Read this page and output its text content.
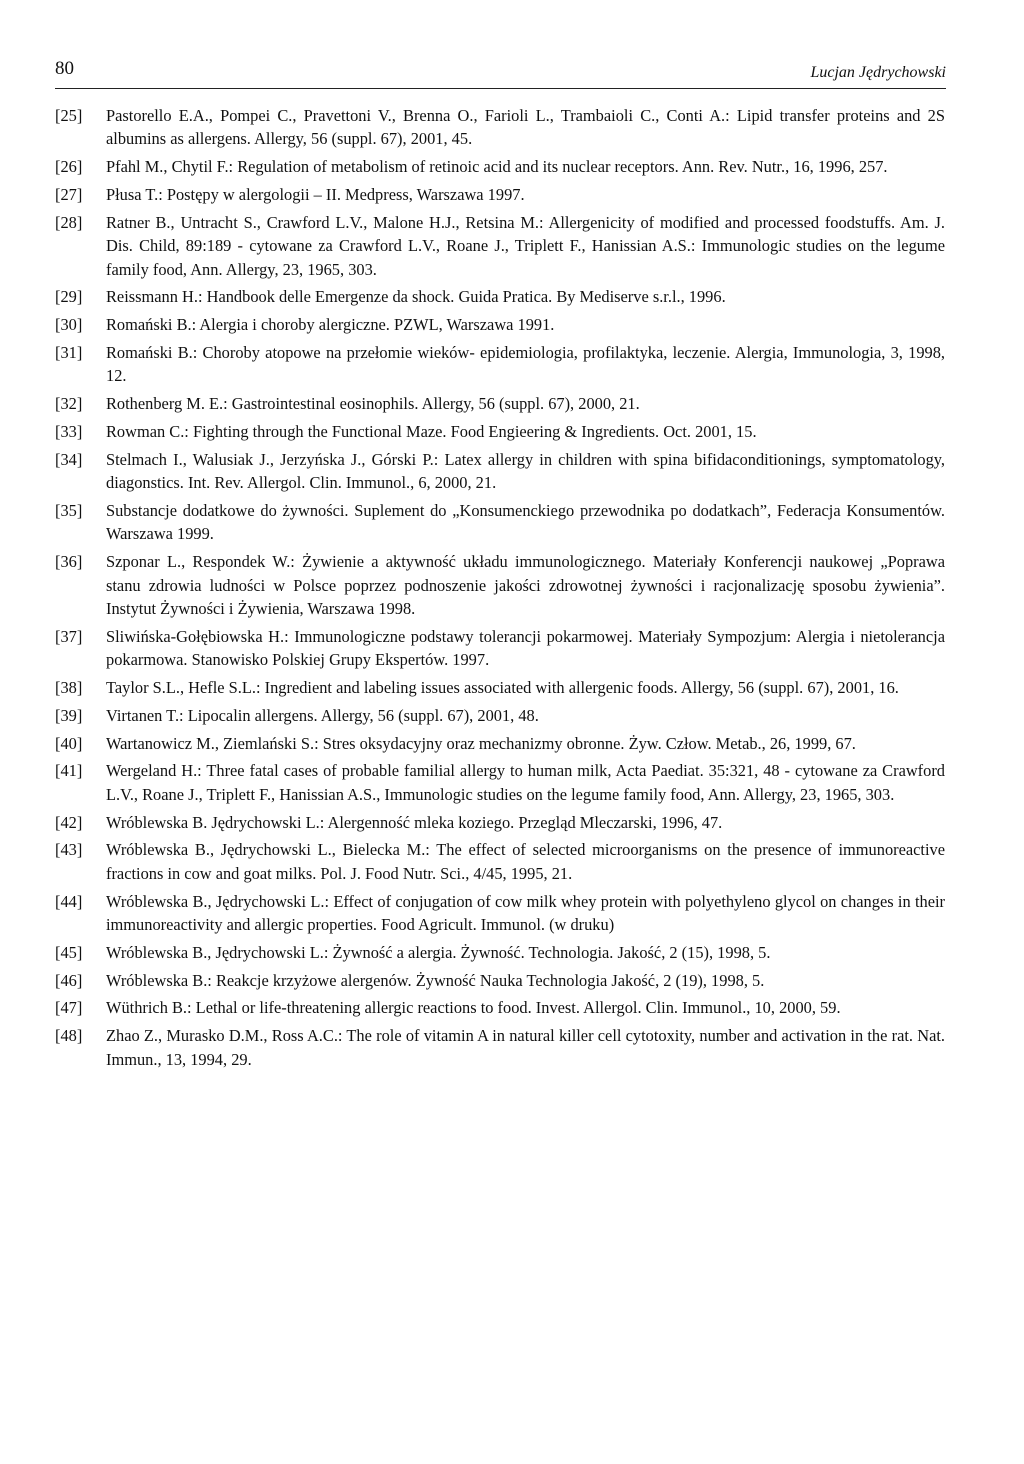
80	Lucjan Jędrychowski
[25] Pastorello E.A., Pompei C., Pravettoni V., Brenna O., Farioli L., Trambaioli C., Conti A.: Lipid transfer proteins and 2S albumins as allergens. Allergy, 56 (suppl. 67), 2001, 45.
[26] Pfahl M., Chytil F.: Regulation of metabolism of retinoic acid and its nuclear receptors. Ann. Rev. Nutr., 16, 1996, 257.
[27] Płusa T.: Postępy w alergologii – II. Medpress, Warszawa 1997.
[28] Ratner B., Untracht S., Crawford L.V., Malone H.J., Retsina M.: Allergenicity of modified and processed foodstuffs. Am. J. Dis. Child, 89:189 - cytowane za Crawford L.V., Roane J., Triplett F., Hanissian A.S.: Immunologic studies on the legume family food, Ann. Allergy, 23, 1965, 303.
[29] Reissmann H.: Handbook delle Emergenze da shock. Guida Pratica. By Mediserve s.r.l., 1996.
[30] Romański B.: Alergia i choroby alergiczne. PZWL, Warszawa 1991.
[31] Romański B.: Choroby atopowe na przełomie wieków- epidemiologia, profilaktyka, leczenie. Alergia, Immunologia, 3, 1998, 12.
[32] Rothenberg M. E.: Gastrointestinal eosinophils. Allergy, 56 (suppl. 67), 2000, 21.
[33] Rowman C.: Fighting through the Functional Maze. Food Engieering & Ingredients. Oct. 2001, 15.
[34] Stelmach I., Walusiak J., Jerzyńska J., Górski P.: Latex allergy in children with spina bifidaconditionings, symptomatology, diagonstics. Int. Rev. Allergol. Clin. Immunol., 6, 2000, 21.
[35] Substancje dodatkowe do żywności. Suplement do „Konsumenckiego przewodnika po dodatkach”, Federacja Konsumentów. Warszawa 1999.
[36] Szponar L., Respondek W.: Żywienie a aktywność układu immunologicznego. Materiały Konferencji naukowej „Poprawa stanu zdrowia ludności w Polsce poprzez podnoszenie jakości zdrowotnej żywności i racjonalizację sposobu żywienia”. Instytut Żywności i Żywienia, Warszawa 1998.
[37] Sliwińska-Gołębiowska H.: Immunologiczne podstawy tolerancji pokarmowej. Materiały Sympozjum: Alergia i nietolerancja pokarmowa. Stanowisko Polskiej Grupy Ekspertów. 1997.
[38] Taylor S.L., Hefle S.L.: Ingredient and labeling issues associated with allergenic foods. Allergy, 56 (suppl. 67), 2001, 16.
[39] Virtanen T.: Lipocalin allergens. Allergy, 56 (suppl. 67), 2001, 48.
[40] Wartanowicz M., Ziemlański S.: Stres oksydacyjny oraz mechanizmy obronne. Żyw. Człow. Metab., 26, 1999, 67.
[41] Wergeland H.: Three fatal cases of probable familial allergy to human milk, Acta Paediat. 35:321, 48 - cytowane za Crawford L.V., Roane J., Triplett F., Hanissian A.S., Immunologic studies on the legume family food, Ann. Allergy, 23, 1965, 303.
[42] Wróblewska B. Jędrychowski L.: Alergenność mleka koziego. Przegląd Mleczarski, 1996, 47.
[43] Wróblewska B., Jędrychowski L., Bielecka M.: The effect of selected microorganisms on the presence of immunoreactive fractions in cow and goat milks. Pol. J. Food Nutr. Sci., 4/45, 1995, 21.
[44] Wróblewska B., Jędrychowski L.: Effect of conjugation of cow milk whey protein with polyethyleno glycol on changes in their immunoreactivity and allergic properties. Food Agricult. Immunol. (w druku)
[45] Wróblewska B., Jędrychowski L.: Żywność a alergia. Żywność. Technologia. Jakość, 2 (15), 1998, 5.
[46] Wróblewska B.: Reakcje krzyżowe alergenów. Żywność Nauka Technologia Jakość, 2 (19), 1998, 5.
[47] Wüthrich B.: Lethal or life-threatening allergic reactions to food. Invest. Allergol. Clin. Immunol., 10, 2000, 59.
[48] Zhao Z., Murasko D.M., Ross A.C.: The role of vitamin A in natural killer cell cytotoxity, number and activation in the rat. Nat. Immun., 13, 1994, 29.
